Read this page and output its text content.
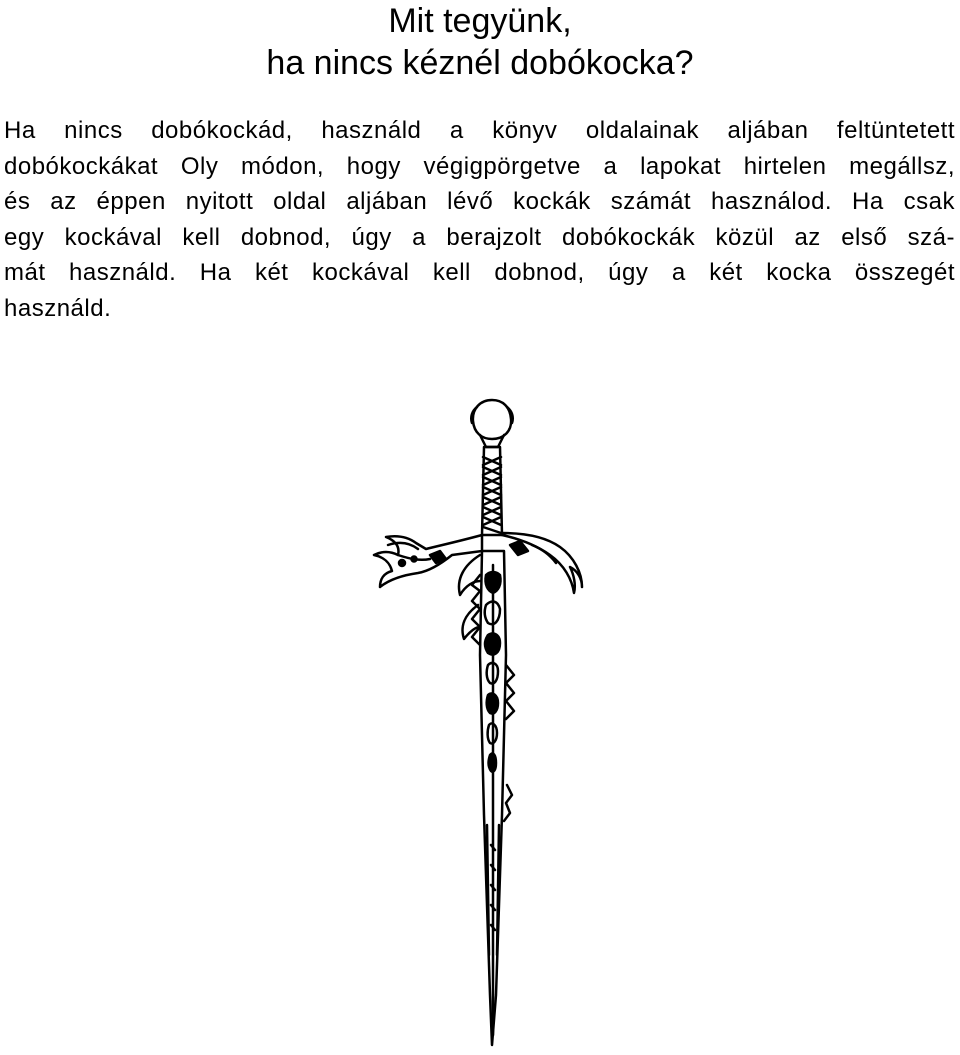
Mit tegyünk,
ha nincs kéznél dobókocka?

Ha nincs dobókockád, használd a könyv oldalainak aljában feltüntetett
dobókockákat Oly módon, hogy végigpörgetve a lapokat hirtelen megállsz,
és az éppen nyitott oldal aljában lévő kockák számát használod. Ha csak
egy kockával kell dobnod, úgy a berajzolt dobókockák közül az első szá-
mát használd. Ha két kockával kell dobnod, úgy a két kocka összegét
használd.
